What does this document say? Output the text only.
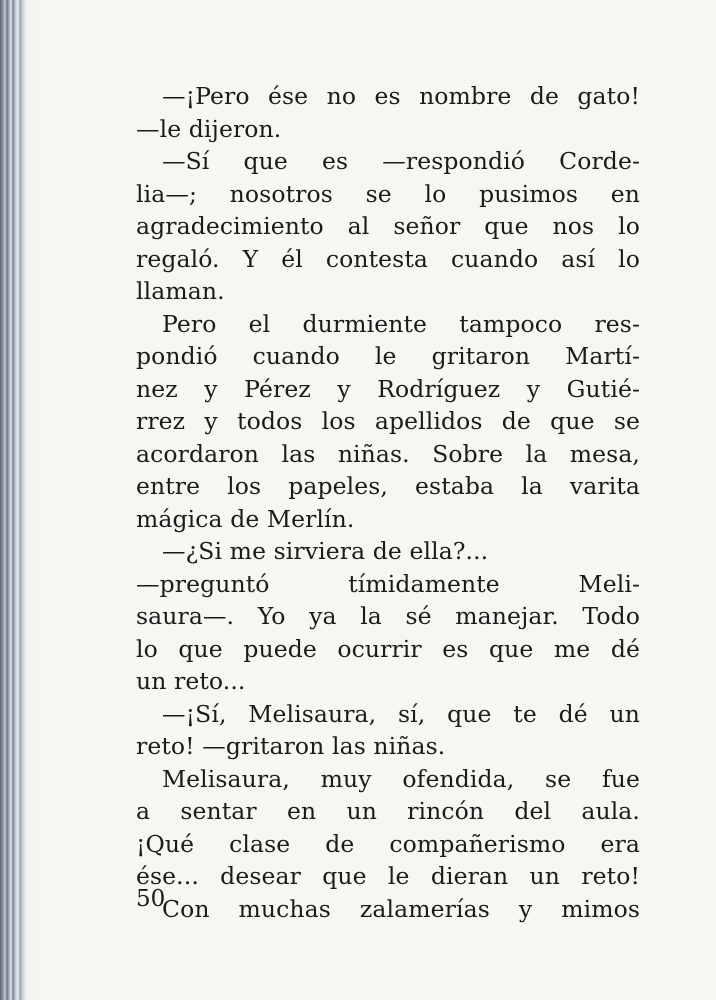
—¡Pero ése no es nombre de gato!
—le dijeron.
—Sí que es —respondió Corde-
lia—; nosotros se lo pusimos en
agradecimiento al señor que nos lo
regaló. Y él contesta cuando así lo
llaman.
Pero el durmiente tampoco res-
pondió cuando le gritaron Martí-
nez y Pérez y Rodríguez y Gutié-
rrez y todos los apellidos de que se
acordaron las niñas. Sobre la mesa,
entre los papeles, estaba la varita
mágica de Merlín.
—¿Si me sirviera de ella?...
—preguntó tímidamente Meli-
saura—. Yo ya la sé manejar. Todo
lo que puede ocurrir es que me dé
un reto...
—¡Sí, Melisaura, sí, que te dé un
reto! —gritaron las niñas.
Melisaura, muy ofendida, se fue
a sentar en un rincón del aula.
¡Qué clase de compañerismo era
ése... desear que le dieran un reto!
Con muchas zalamerías y mimos
50
